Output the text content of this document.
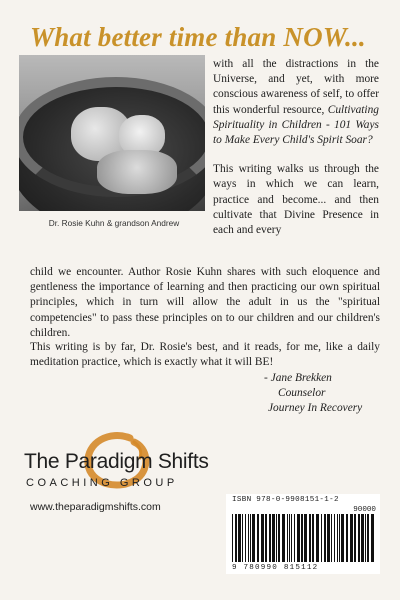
What better time than NOW...
Dr. Rosie Kuhn & grandson Andrew

with all the distractions in the Universe, and yet, with more conscious awareness of self, to offer this wonderful resource, Cultivating Spirituality in Children - 101 Ways to Make Every Child's Spirit Soar?

This writing walks us through the ways in which we can learn, practice and become... and then cultivate that Divine Presence in each and every

child we encounter. Author Rosie Kuhn shares with such eloquence and gentleness the importance of learning and then practicing our own spiritual principles, which in turn will allow the adult in us the "spiritual competencies" to pass these principles on to our children and our children's children.

This writing is by far, Dr. Rosie's best, and it reads, for me, like a daily meditation practice, which is exactly what it will BE!

- Jane Brekken
Counselor
Journey In Recovery
The Paradigm Shifts
COACHING GROUP
www.theparadigmshifts.com
ISBN 978-0-9908151-1-2
90000
9 780990 815112
